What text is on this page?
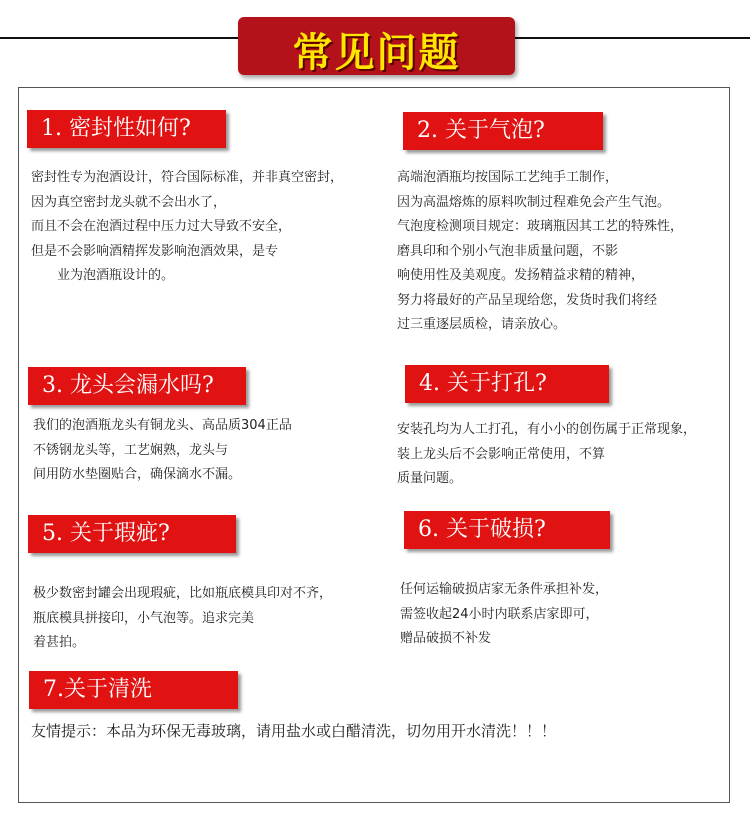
常见问题
1. 密封性如何?
密封性专为泡酒设计，符合国际标准，并非真空密封，
因为真空密封龙头就不会出水了，
而且不会在泡酒过程中压力过大导致不安全，
但是不会影响酒精挥发影响泡酒效果，是专
　　业为泡酒瓶设计的。
2. 关于气泡?
高端泡酒瓶均按国际工艺纯手工制作，
因为高温熔炼的原料吹制过程难免会产生气泡。
气泡度检测项目规定：玻璃瓶因其工艺的特殊性，
磨具印和个别小气泡非质量问题，不影
响使用性及美观度。发扬精益求精的精神，
努力将最好的产品呈现给您，发货时我们将经
过三重逐层质检，请亲放心。
3. 龙头会漏水吗?
我们的泡酒瓶龙头有铜龙头、高品质304正品
不锈钢龙头等，工艺娴熟，龙头与
间用防水垫圈贴合，确保滴水不漏。
4. 关于打孔?
安装孔均为人工打孔，有小小的创伤属于正常现象，
装上龙头后不会影响正常使用，不算
质量问题。
5. 关于瑕疵?
极少数密封罐会出现瑕疵，比如瓶底模具印对不齐，
瓶底模具拼接印，小气泡等。追求完美
着甚拍。
6. 关于破损?
任何运输破损店家无条件承担补发，
需签收起24小时内联系店家即可，
赠品破损不补发
7.关于清洗
友情提示：本品为环保无毒玻璃，请用盐水或白醋清洗，切勿用开水清洗！！！
